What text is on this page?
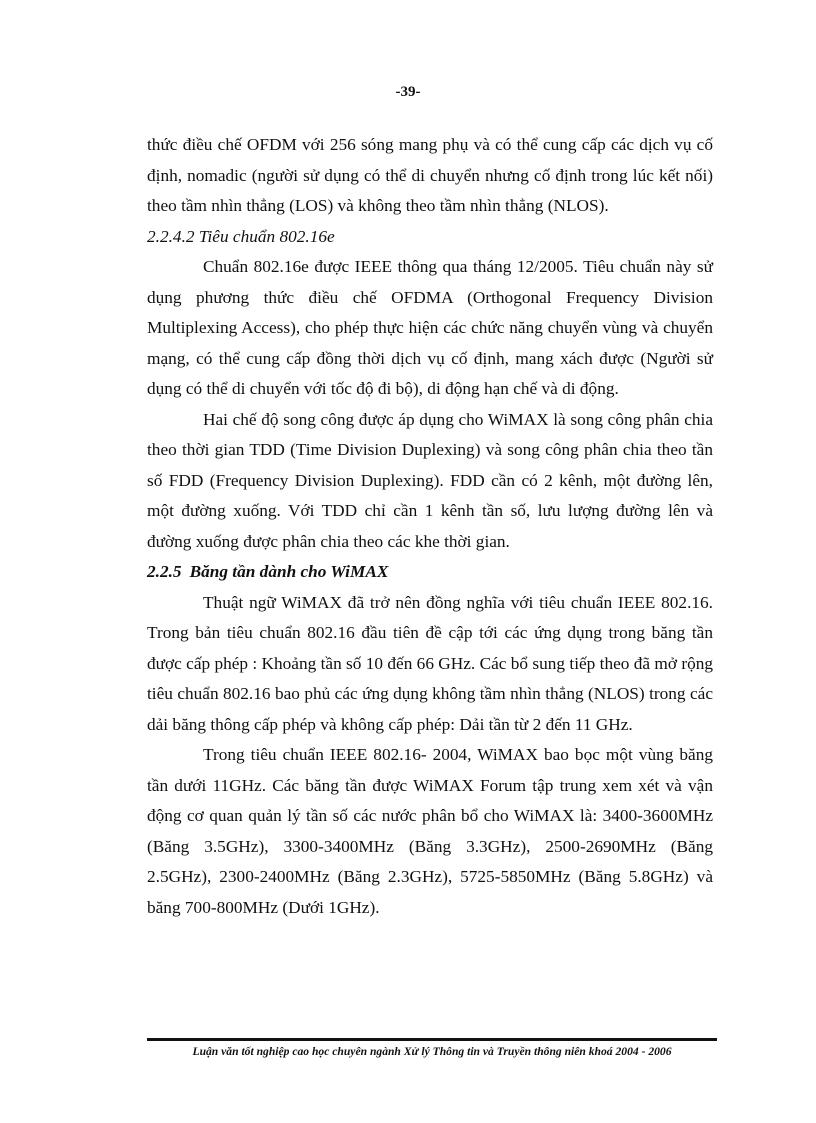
-39-

thức điều chế OFDM với 256 sóng mang phụ và có thể cung cấp các dịch vụ cố định, nomadic (người sử dụng có thể di chuyển nhưng cố định trong lúc kết nối) theo tầm nhìn thẳng (LOS) và không theo tầm nhìn thẳng (NLOS).

2.2.4.2 Tiêu chuẩn 802.16e

Chuẩn 802.16e được IEEE thông qua tháng 12/2005. Tiêu chuẩn này sử dụng phương thức điều chế OFDMA (Orthogonal Frequency Division Multiplexing Access), cho phép thực hiện các chức năng chuyển vùng và chuyển mạng, có thể cung cấp đồng thời dịch vụ cố định, mang xách được (Người sử dụng có thể di chuyển với tốc độ đi bộ), di động hạn chế và di động.

Hai chế độ song công được áp dụng cho WiMAX là song công phân chia theo thời gian TDD (Time Division Duplexing) và song công phân chia theo tần số FDD (Frequency Division Duplexing). FDD cần có 2 kênh, một đường lên, một đường xuống. Với TDD chỉ cần 1 kênh tần số, lưu lượng đường lên và đường xuống được phân chia theo các khe thời gian.

2.2.5 Băng tần dành cho WiMAX

Thuật ngữ WiMAX đã trở nên đồng nghĩa với tiêu chuẩn IEEE 802.16. Trong bản tiêu chuẩn 802.16 đầu tiên đề cập tới các ứng dụng trong băng tần được cấp phép : Khoảng tần số 10 đến 66 GHz. Các bổ sung tiếp theo đã mở rộng tiêu chuẩn 802.16 bao phủ các ứng dụng không tầm nhìn thẳng (NLOS) trong các dải băng thông cấp phép và không cấp phép: Dải tần từ 2 đến 11 GHz.

Trong tiêu chuẩn IEEE 802.16- 2004, WiMAX bao bọc một vùng băng tần dưới 11GHz. Các băng tần được WiMAX Forum tập trung xem xét và vận động cơ quan quản lý tần số các nước phân bổ cho WiMAX là: 3400-3600MHz (Băng 3.5GHz), 3300-3400MHz (Băng 3.3GHz), 2500-2690MHz (Băng 2.5GHz), 2300-2400MHz (Băng 2.3GHz), 5725-5850MHz (Băng 5.8GHz) và băng 700-800MHz (Dưới 1GHz).

Luận văn tốt nghiệp cao học chuyên ngành Xử lý Thông tin và Truyền thông niên khoá 2004 - 2006
